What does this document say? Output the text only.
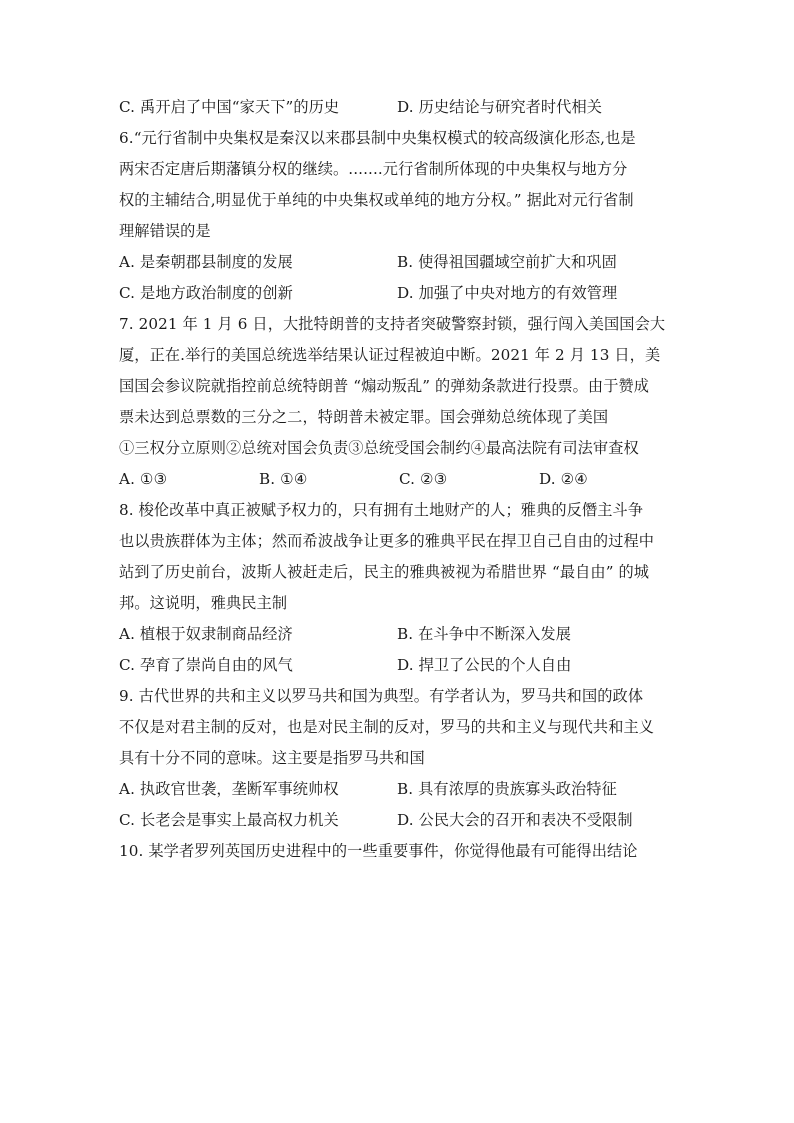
C. 禹开启了中国“家天下”的历史	D. 历史结论与研究者时代相关
6.“元行省制中央集权是秦汉以来郡县制中央集权模式的较高级演化形态,也是
两宋否定唐后期藩镇分权的继续。.......元行省制所体现的中央集权与地方分
权的主辅结合,明显优于单纯的中央集权或单纯的地方分权。” 据此对元行省制
理解错误的是
A. 是秦朝郡县制度的发展	B. 使得祖国疆域空前扩大和巩固
C. 是地方政治制度的创新	D. 加强了中央对地方的有效管理
7. 2021 年 1 月 6 日，大批特朗普的支持者突破警察封锁，强行闯入美国国会大
厦，正在.举行的美国总统选举结果认证过程被迫中断。2021 年 2 月 13 日，美
国国会参议院就指控前总统特朗普 “煽动叛乱” 的弹劾条款进行投票。由于赞成
票未达到总票数的三分之二，特朗普未被定罪。国会弹劾总统体现了美国
①三权分立原则②总统对国会负责③总统受国会制约④最高法院有司法审查权
A. ①③	B. ①④	C. ②③	D. ②④
8. 梭伦改革中真正被赋予权力的，只有拥有土地财产的人；雅典的反僭主斗争
也以贵族群体为主体；然而希波战争让更多的雅典平民在捍卫自己自由的过程中
站到了历史前台，波斯人被赶走后，民主的雅典被视为希腊世界 “最自由” 的城
邦。这说明，雅典民主制
A. 植根于奴隶制商品经济	B. 在斗争中不断深入发展
C. 孕育了崇尚自由的风气	D. 捍卫了公民的个人自由
9. 古代世界的共和主义以罗马共和国为典型。有学者认为，罗马共和国的政体
不仅是对君主制的反对，也是对民主制的反对，罗马的共和主义与现代共和主义
具有十分不同的意味。这主要是指罗马共和国
A. 执政官世袭，垄断军事统帅权	B. 具有浓厚的贵族寡头政治特征
C. 长老会是事实上最高权力机关	D. 公民大会的召开和表决不受限制
10. 某学者罗列英国历史进程中的一些重要事件，你觉得他最有可能得出结论
